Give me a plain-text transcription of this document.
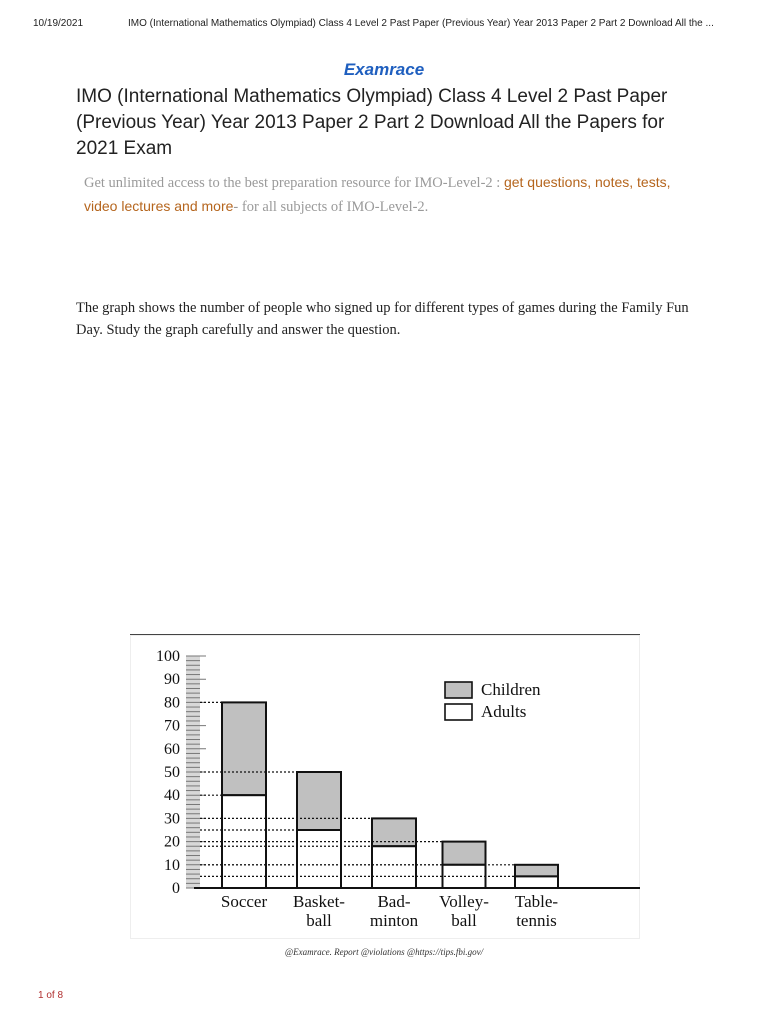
10/19/2021	IMO (International Mathematics Olympiad) Class 4 Level 2 Past Paper (Previous Year) Year 2013 Paper 2 Part 2 Download All the ...
Examrace
IMO (International Mathematics Olympiad) Class 4 Level 2 Past Paper (Previous Year) Year 2013 Paper 2 Part 2 Download All the Papers for 2021 Exam
Get unlimited access to the best preparation resource for IMO-Level-2 : get questions, notes, tests, video lectures and more- for all subjects of IMO-Level-2.

The graph shows the number of people who signed up for different types of games during the Family Fun Day. Study the graph carefully and answer the question.

0
10
20
30
40
50
60
70
80
90
100
Soccer Basket-
ball
Bad-
minton
Volley-
ball
Table-
tennis
Children
Adults
@Examrace. Report @violations @https://tips.fbi.gov/
1 of 8
